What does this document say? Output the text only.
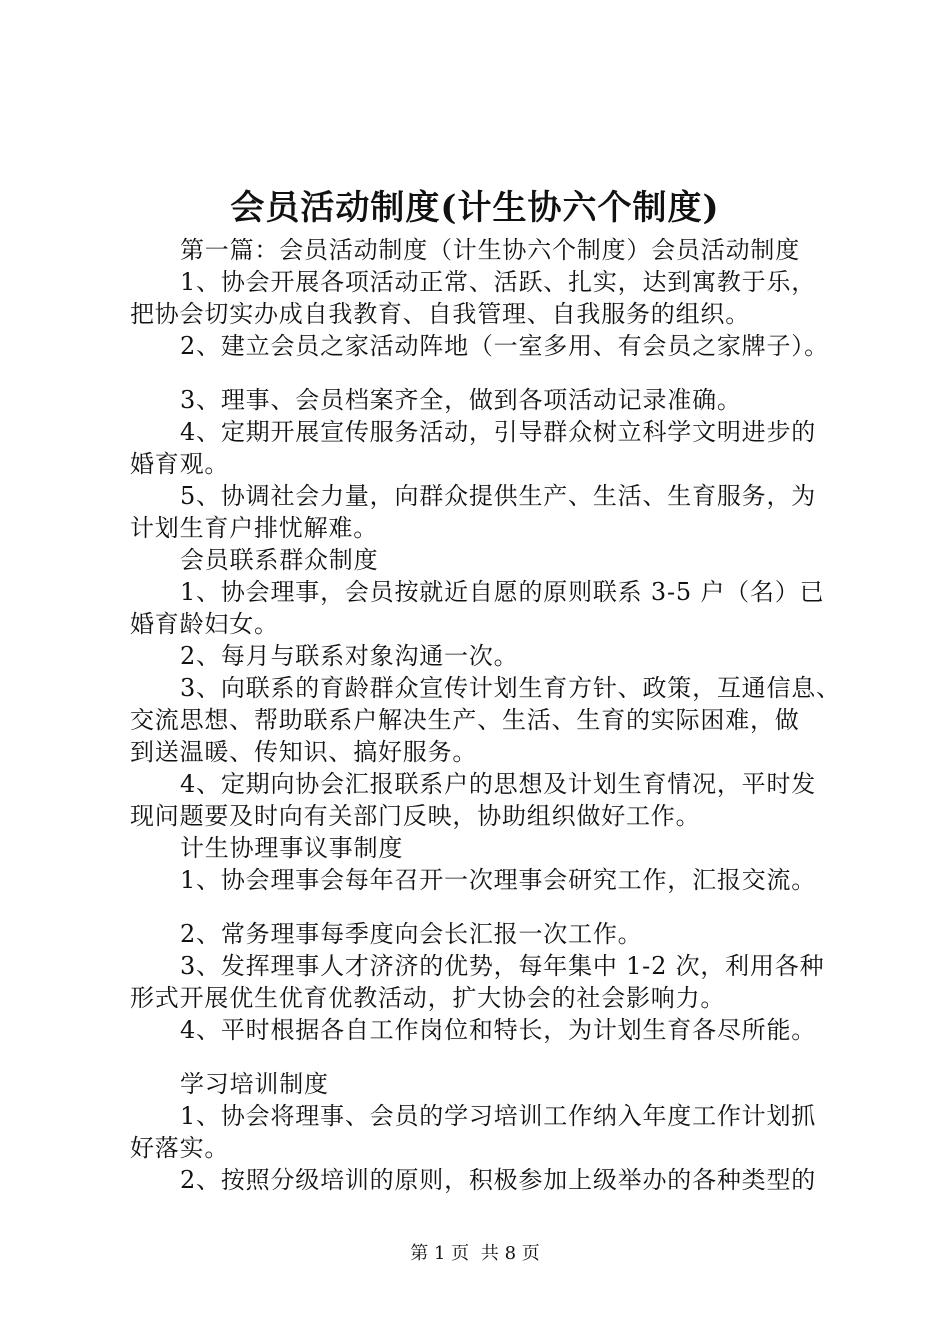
会员活动制度(计生协六个制度)
第一篇：会员活动制度（计生协六个制度）会员活动制度
1、协会开展各项活动正常、活跃、扎实，达到寓教于乐，
把协会切实办成自我教育、自我管理、自我服务的组织。
2、建立会员之家活动阵地（一室多用、有会员之家牌子）。
3、理事、会员档案齐全，做到各项活动记录准确。
4、定期开展宣传服务活动，引导群众树立科学文明进步的
婚育观。
5、协调社会力量，向群众提供生产、生活、生育服务，为
计划生育户排忧解难。
会员联系群众制度
1、协会理事，会员按就近自愿的原则联系 3-5 户（名）已
婚育龄妇女。
2、每月与联系对象沟通一次。
3、向联系的育龄群众宣传计划生育方针、政策，互通信息、
交流思想、帮助联系户解决生产、生活、生育的实际困难，做
到送温暖、传知识、搞好服务。
4、定期向协会汇报联系户的思想及计划生育情况，平时发
现问题要及时向有关部门反映，协助组织做好工作。
计生协理事议事制度
1、协会理事会每年召开一次理事会研究工作，汇报交流。
2、常务理事每季度向会长汇报一次工作。
3、发挥理事人才济济的优势，每年集中 1-2 次，利用各种
形式开展优生优育优教活动，扩大协会的社会影响力。
4、平时根据各自工作岗位和特长，为计划生育各尽所能。
学习培训制度
1、协会将理事、会员的学习培训工作纳入年度工作计划抓
好落实。
2、按照分级培训的原则，积极参加上级举办的各种类型的
第 1 页 共 8 页
